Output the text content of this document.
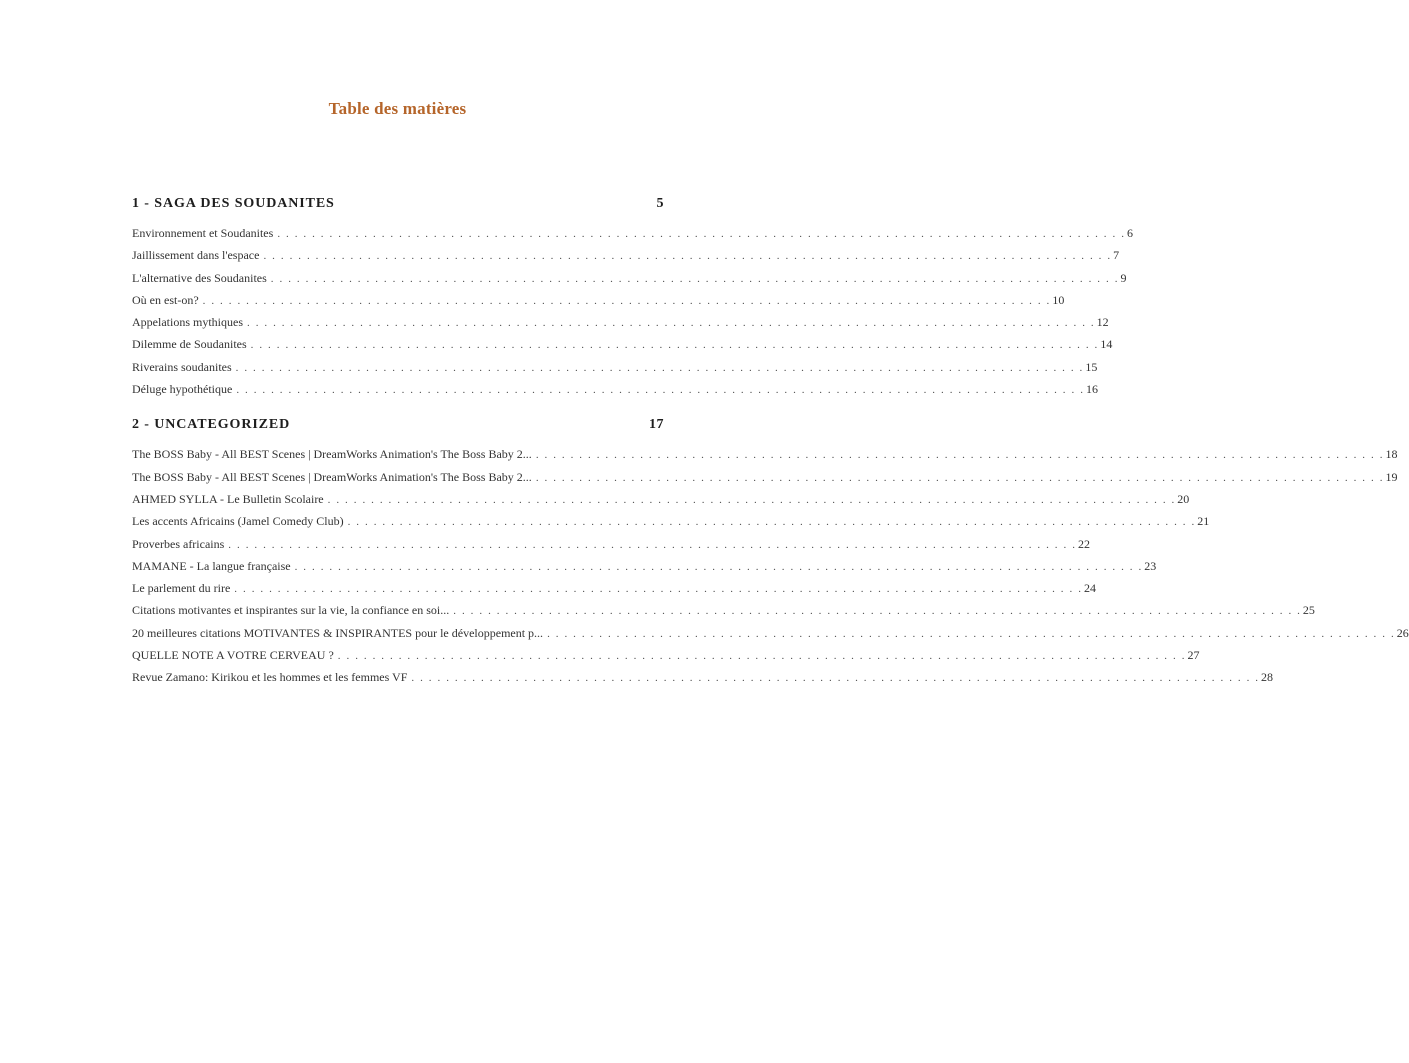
Table des matières
1 - SAGA DES SOUDANITES	5
Environnement et Soudanites . . .	6
Jaillissement dans l'espace . . .	7
L'alternative des Soudanites . . .	9
Où en est-on? . . .	10
Appelations mythiques . . .	12
Dilemme de Soudanites . . .	14
Riverains soudanites . . .	15
Déluge hypothétique . . .	16
2 - UNCATEGORIZED	17
The BOSS Baby - All BEST Scenes | DreamWorks Animation's The Boss Baby 2... . . .	18
The BOSS Baby - All BEST Scenes | DreamWorks Animation's The Boss Baby 2... . . .	19
AHMED SYLLA - Le Bulletin Scolaire . . .	20
Les accents Africains (Jamel Comedy Club) . . .	21
Proverbes africains . . .	22
MAMANE - La langue française . . .	23
Le parlement du rire . . .	24
Citations motivantes et inspirantes sur la vie, la confiance en soi... . . .	25
20 meilleures citations MOTIVANTES & INSPIRANTES pour le développement p... . . .	26
QUELLE NOTE A VOTRE CERVEAU ? . . .	27
Revue Zamano: Kirikou et les hommes et les femmes VF . . .	28
